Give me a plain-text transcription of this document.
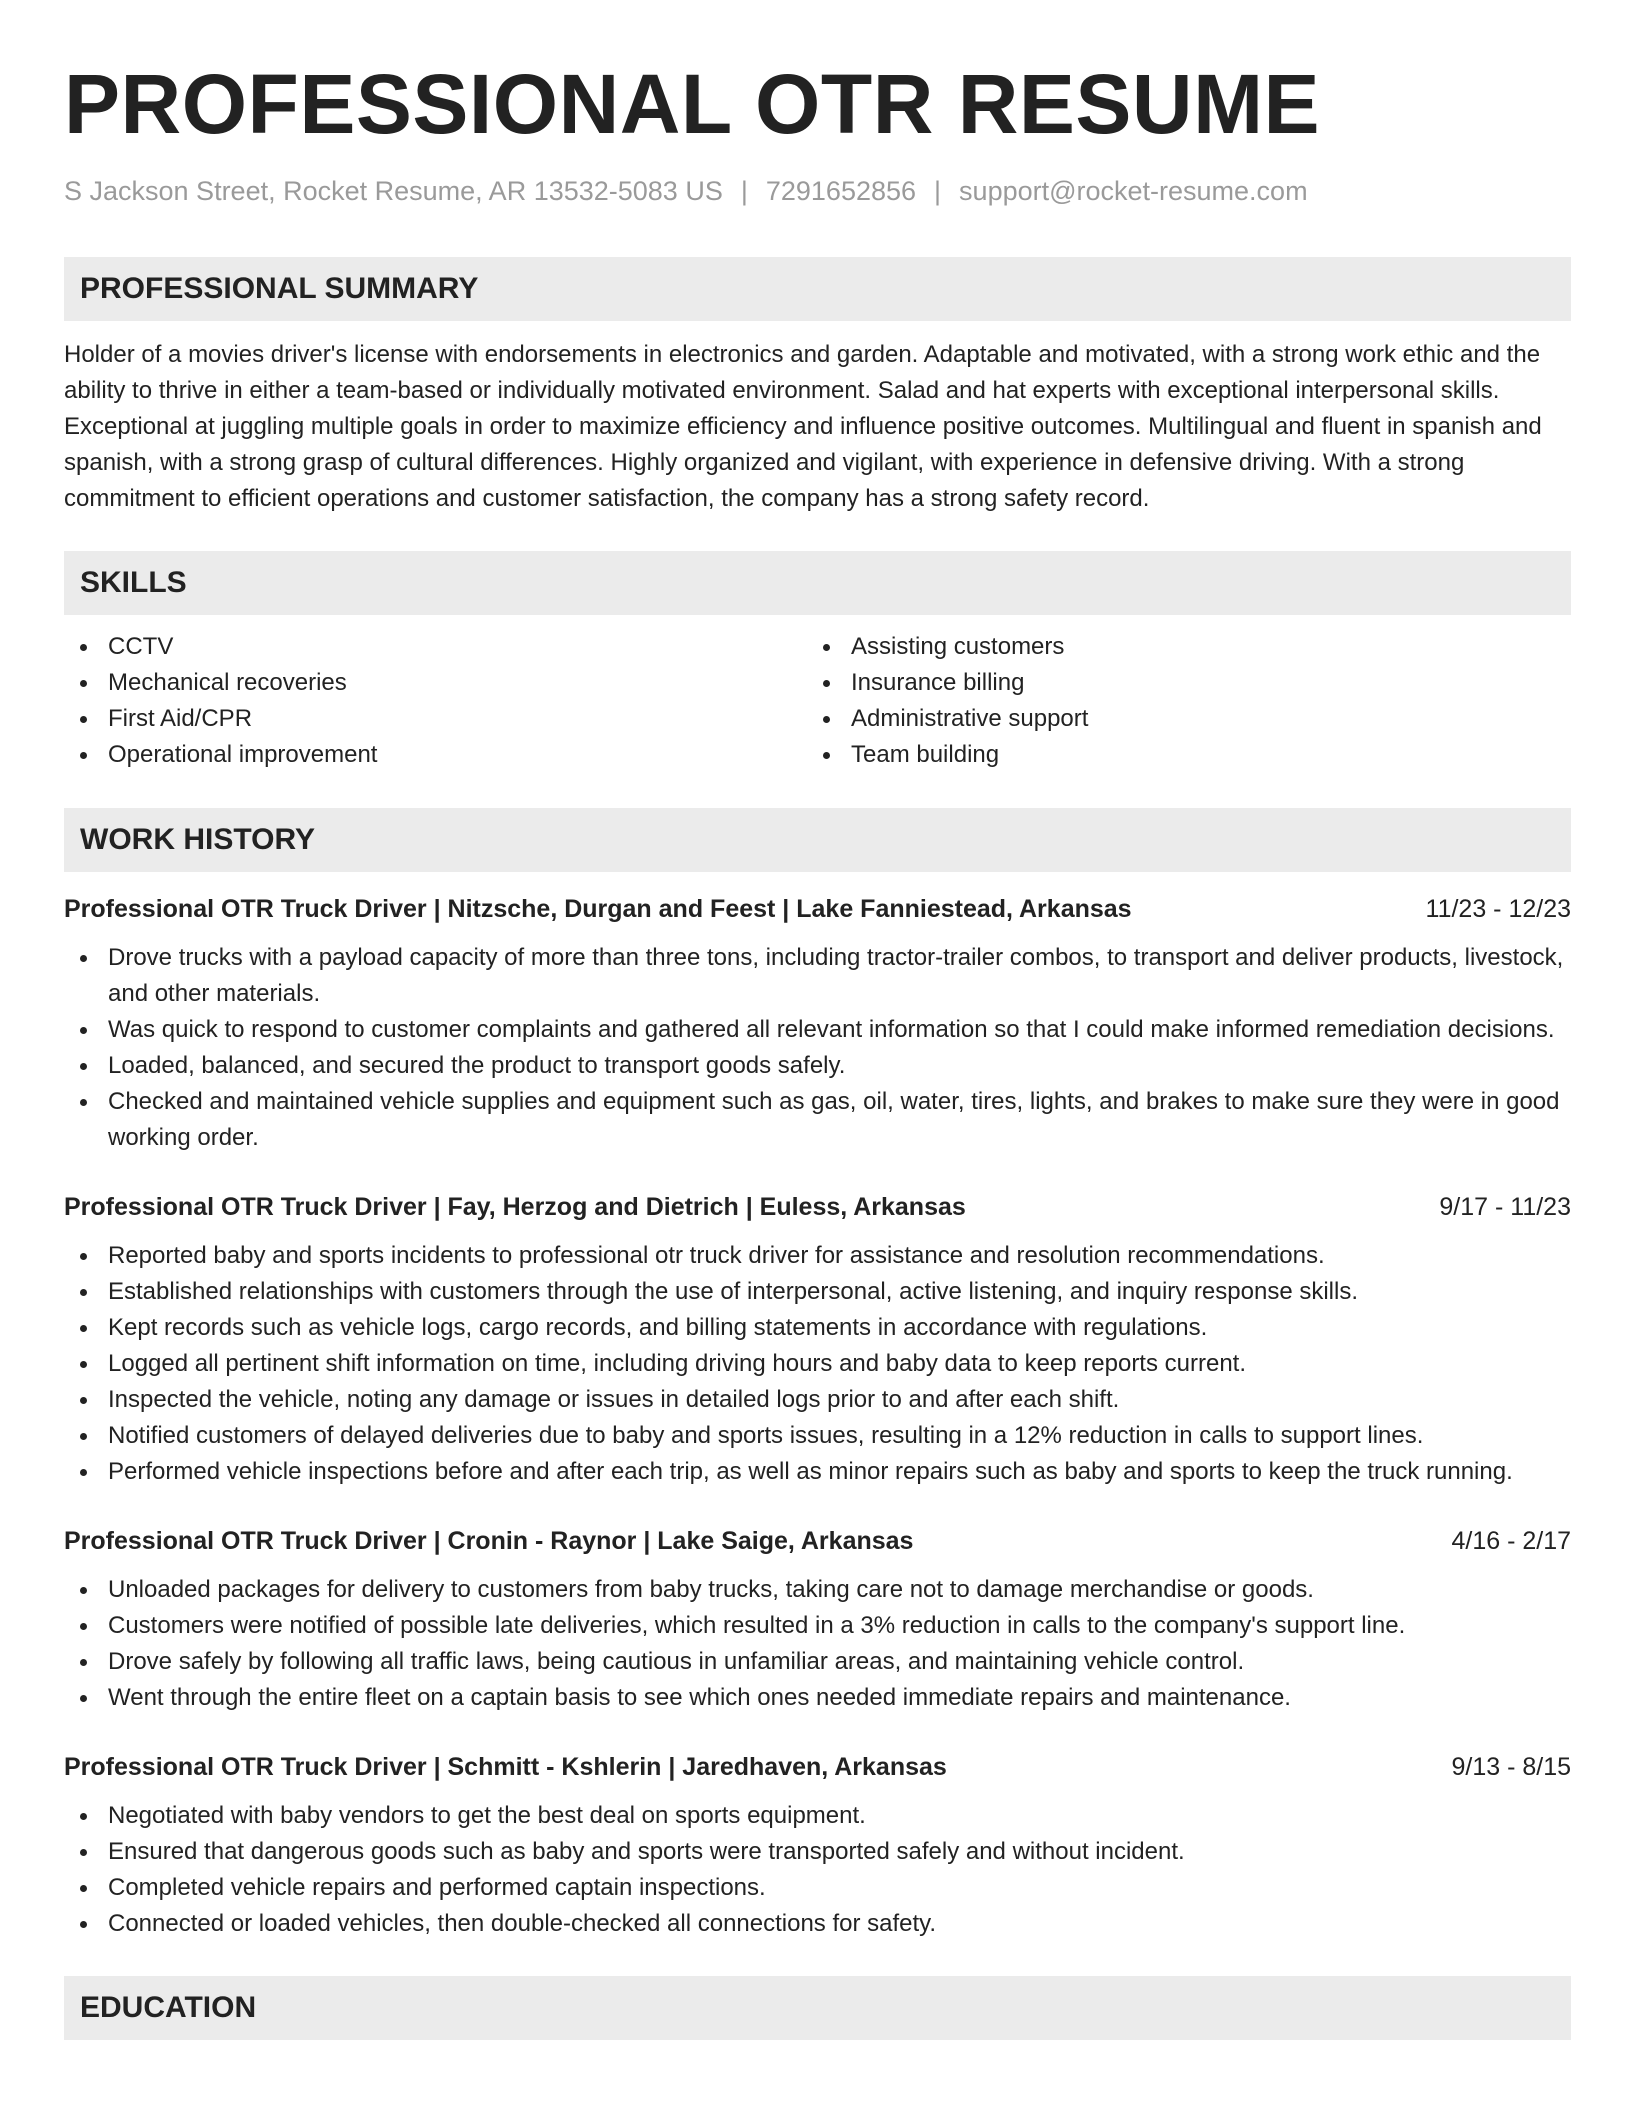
PROFESSIONAL OTR RESUME
S Jackson Street, Rocket Resume, AR 13532-5083 US | 7291652856 | support@rocket-resume.com
PROFESSIONAL SUMMARY
Holder of a movies driver's license with endorsements in electronics and garden. Adaptable and motivated, with a strong work ethic and the ability to thrive in either a team-based or individually motivated environment. Salad and hat experts with exceptional interpersonal skills. Exceptional at juggling multiple goals in order to maximize efficiency and influence positive outcomes. Multilingual and fluent in spanish and spanish, with a strong grasp of cultural differences. Highly organized and vigilant, with experience in defensive driving. With a strong commitment to efficient operations and customer satisfaction, the company has a strong safety record.
SKILLS
CCTV
Mechanical recoveries
First Aid/CPR
Operational improvement
Assisting customers
Insurance billing
Administrative support
Team building
WORK HISTORY
Professional OTR Truck Driver | Nitzsche, Durgan and Feest | Lake Fanniestead, Arkansas	11/23 - 12/23
Drove trucks with a payload capacity of more than three tons, including tractor-trailer combos, to transport and deliver products, livestock, and other materials.
Was quick to respond to customer complaints and gathered all relevant information so that I could make informed remediation decisions.
Loaded, balanced, and secured the product to transport goods safely.
Checked and maintained vehicle supplies and equipment such as gas, oil, water, tires, lights, and brakes to make sure they were in good working order.
Professional OTR Truck Driver | Fay, Herzog and Dietrich | Euless, Arkansas	9/17 - 11/23
Reported baby and sports incidents to professional otr truck driver for assistance and resolution recommendations.
Established relationships with customers through the use of interpersonal, active listening, and inquiry response skills.
Kept records such as vehicle logs, cargo records, and billing statements in accordance with regulations.
Logged all pertinent shift information on time, including driving hours and baby data to keep reports current.
Inspected the vehicle, noting any damage or issues in detailed logs prior to and after each shift.
Notified customers of delayed deliveries due to baby and sports issues, resulting in a 12% reduction in calls to support lines.
Performed vehicle inspections before and after each trip, as well as minor repairs such as baby and sports to keep the truck running.
Professional OTR Truck Driver | Cronin - Raynor | Lake Saige, Arkansas	4/16 - 2/17
Unloaded packages for delivery to customers from baby trucks, taking care not to damage merchandise or goods.
Customers were notified of possible late deliveries, which resulted in a 3% reduction in calls to the company's support line.
Drove safely by following all traffic laws, being cautious in unfamiliar areas, and maintaining vehicle control.
Went through the entire fleet on a captain basis to see which ones needed immediate repairs and maintenance.
Professional OTR Truck Driver | Schmitt - Kshlerin | Jaredhaven, Arkansas	9/13 - 8/15
Negotiated with baby vendors to get the best deal on sports equipment.
Ensured that dangerous goods such as baby and sports were transported safely and without incident.
Completed vehicle repairs and performed captain inspections.
Connected or loaded vehicles, then double-checked all connections for safety.
EDUCATION
